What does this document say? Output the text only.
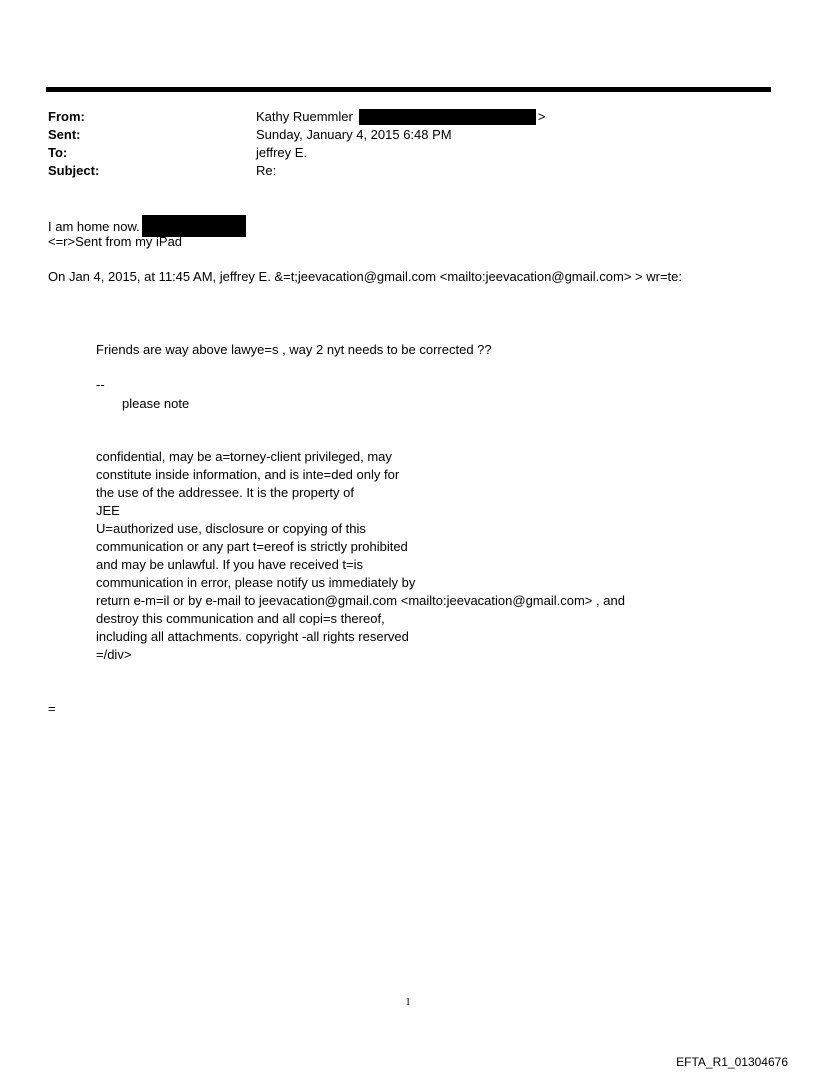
From:	Kathy Ruemmler	>
Sent:	Sunday, January 4, 2015 6:48 PM
To:	jeffrey E.
Subject:	Re:
I am home now.
<=r>Sent from my iPad
On Jan 4, 2015, at 11:45 AM, jeffrey E. &=t;jeevacation@gmail.com <mailto:jeevacation@gmail.com> > wr=te:
Friends are way above lawye=s , way 2 nyt needs to be corrected ??
--
please note
confidential, may be a=torney-client privileged, may
constitute inside information, and is inte=ded only for
the use of the addressee. It is the property of
JEE
U=authorized use, disclosure or copying of this
communication or any part t=ereof is strictly prohibited
and may be unlawful. If you have received t=is
communication in error, please notify us immediately by
return e-m=il or by e-mail to jeevacation@gmail.com <mailto:jeevacation@gmail.com> , and
destroy this communication and all copi=s thereof,
including all attachments. copyright -all rights reserved
=/div>
=
1
EFTA_R1_01304676
